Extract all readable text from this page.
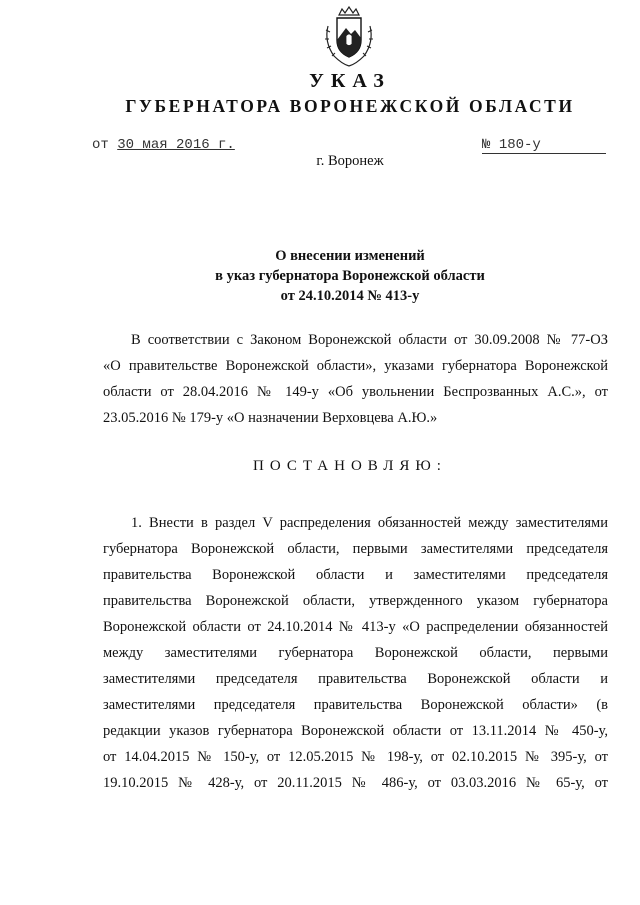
УКАЗ
ГУБЕРНАТОРА ВОРОНЕЖСКОЙ ОБЛАСТИ
от 30 мая 2016 г.	№ 180-у
г. Воронеж
О внесении изменений
в указ губернатора Воронежской области
от 24.10.2014 № 413-у
В соответствии с Законом Воронежской области от 30.09.2008 № 77-ОЗ
«О правительстве Воронежской области», указами губернатора Воронежской
области от 28.04.2016 № 149-у «Об увольнении Беспрозванных А.С.», от
23.05.2016 № 179-у «О назначении Верховцева А.Ю.»
ПОСТАНОВЛЯЮ:
1. Внести в раздел V распределения обязанностей между заместителями
губернатора Воронежской области, первыми заместителями председателя
правительства Воронежской области и заместителями председателя
правительства Воронежской области, утвержденного указом губернатора
Воронежской области от 24.10.2014 № 413-у «О распределении обязанностей
между заместителями губернатора Воронежской области, первыми
заместителями председателя правительства Воронежской области и
заместителями председателя правительства Воронежской области» (в
редакции указов губернатора Воронежской области от 13.11.2014 № 450-у,
от 14.04.2015 № 150-у, от 12.05.2015 № 198-у, от 02.10.2015 № 395-у, от
19.10.2015 № 428-у, от 20.11.2015 № 486-у, от 03.03.2016 № 65-у, от
